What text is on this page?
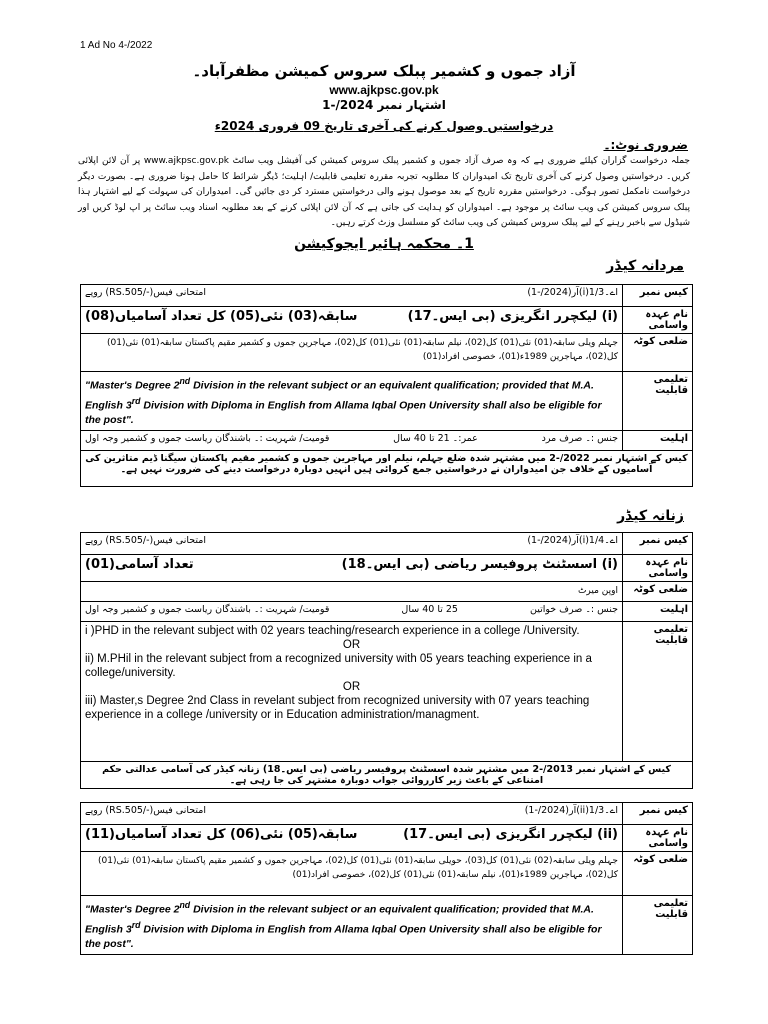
1 Ad No 4-/2022
آزاد جموں و کشمیر پبلک سروس کمیشن مظفرآباد۔
www.ajkpsc.gov.pk
اشتہار نمبر 2024/-1
درخواستیں وصول کرنے کی آخری تاریخ 09 فروری 2024ء
ضروری نوٹ:۔
جملہ درخواست گزاران کیلئے ضروری ہے کہ وہ صرف آزاد جموں و کشمیر پبلک سروس کمیشن کی آفیشل ویب سائٹ www.ajkpsc.gov.pk پر آن لائن اپلائی کریں۔ درخواستیں وصول کرنے کی آخری تاریخ تک امیدواران کا مطلوبہ تجربہ مقررہ تعلیمی قابلیت/ اہلیت؛ ڈیگر شرائط کا حامل ہونا ضروری ہے۔ بصورت دیگر درخواست نامکمل تصور ہوگی۔ درخواستیں مقررہ تاریخ کے بعد موصول ہونے والی درخواستیں مسترد کر دی جائیں گی۔ امیدواران کی سہولت کے لیے اشتہار ہذا پبلک سروس کمیشن کی ویب سائٹ پر موجود ہے۔ امیدواران کو ہدایت کی جاتی ہے کہ آن لائن اپلائی کرنے کے بعد مطلوبہ اسناد ویب سائٹ پر اپ لوڈ کریں اور شیڈول سے باخبر رہنے کے لیے پبلک سروس کمیشن کی ویب سائٹ کو مسلسل وزٹ کرتے رہیں۔
1۔ محکمہ ہائیر ایجوکیشن
مردانہ کیڈر
اے۔1/3(i)آر(2024/-1)
امتحانی فیس(-/RS.505) روپے	کیس نمبر

(i) لیکچرر انگریزی (بی ایس۔17)
سابقہ(03) نئی(05) کل تعداد آسامیاں(08)	نام عہدہ واسامی
جہلم ویلی سابقہ(01) نئی(01) کل(02)، نیلم سابقہ(01) نئی(01) کل(02)، مہاجرین جموں و کشمیر مقیم پاکستان سابقہ(01) نئی(01) کل(02)، مہاجرین 1989ء(01)، خصوصی افراد(01)	ضلعی کوٹہ
"Master's Degree 2nd Division in the relevant subject or an equivalent qualification; provided that M.A. English 3rd Division with Diploma in English from Allama Iqbal Open University shall also be eligible for the post".	تعلیمی قابلیت

جنس :۔ صرف مرد
عمر:۔ 21 تا 40 سال
قومیت/ شہریت :۔ باشندگان ریاست جموں و کشمیر وجہ اول	اہلیت
کیس کے اشتہار نمبر 2022/-2 میں مشتہر شدہ ضلع جہلم، نیلم اور مہاجرین جموں و کشمیر مقیم پاکستان سیگنا ڈیم متاثرین کی آسامیوں کے خلاف جن امیدواران نے درخواستیں جمع کروائی ہیں انہیں دوبارہ درخواست دینے کی ضرورت نہیں ہے۔	
زنانہ کیڈر
اے۔1/4(i)آر(2024/-1)
امتحانی فیس(-/RS.505) روپے	کیس نمبر

(i) اسسٹنٹ پروفیسر ریاضی (بی ایس۔18)
تعداد آسامی(01)	نام عہدہ واسامی
اوپن میرٹ	ضلعی کوٹہ

جنس :۔ صرف خواتین
25 تا 40 سال
قومیت/ شہریت :۔ باشندگان ریاست جموں و کشمیر وجہ اول	اہلیت

i )PHD in the relevant subject with 02 years teaching/research experience in a college /University.
OR
ii) M.PHil in the relevant subject from a recognized university with 05 years teaching experience in a college/university.
OR
iii) Master,s Degree 2nd Class in revelant subject from recognized university with 07 years teaching experience in a college /university or in Education administration/managment.	تعلیمی قابلیت
کیس کے اشتہار نمبر 2013/-2 میں مشتہر شدہ اسسٹنٹ پروفیسر ریاضی (بی ایس۔18) زنانہ کیڈر کی آسامی عدالتی حکم امتناعی کے باعث زیر کارروائی جواب دوبارہ مشتہر کی جا رہی ہے۔	
اے۔1/3(ii)آر(2024/-1)
امتحانی فیس(-/RS.505) روپے	کیس نمبر

(ii) لیکچرر انگریزی (بی ایس۔17)
سابقہ(05) نئی(06) کل تعداد آسامیاں(11)	نام عہدہ واسامی
جہلم ویلی سابقہ(02) نئی(01) کل(03)، حویلی سابقہ(01) نئی(01) کل(02)، مہاجرین جموں و کشمیر مقیم پاکستان سابقہ(01) نئی(01) کل(02)، مہاجرین 1989ء(01)، نیلم سابقہ(01) نئی(01) کل(02)، خصوصی افراد(01)	ضلعی کوٹہ
"Master's Degree 2nd Division in the relevant subject or an equivalent qualification; provided that M.A. English 3rd Division with Diploma in English from Allama Iqbal Open University shall also be eligible for the post".	تعلیمی قابلیت
